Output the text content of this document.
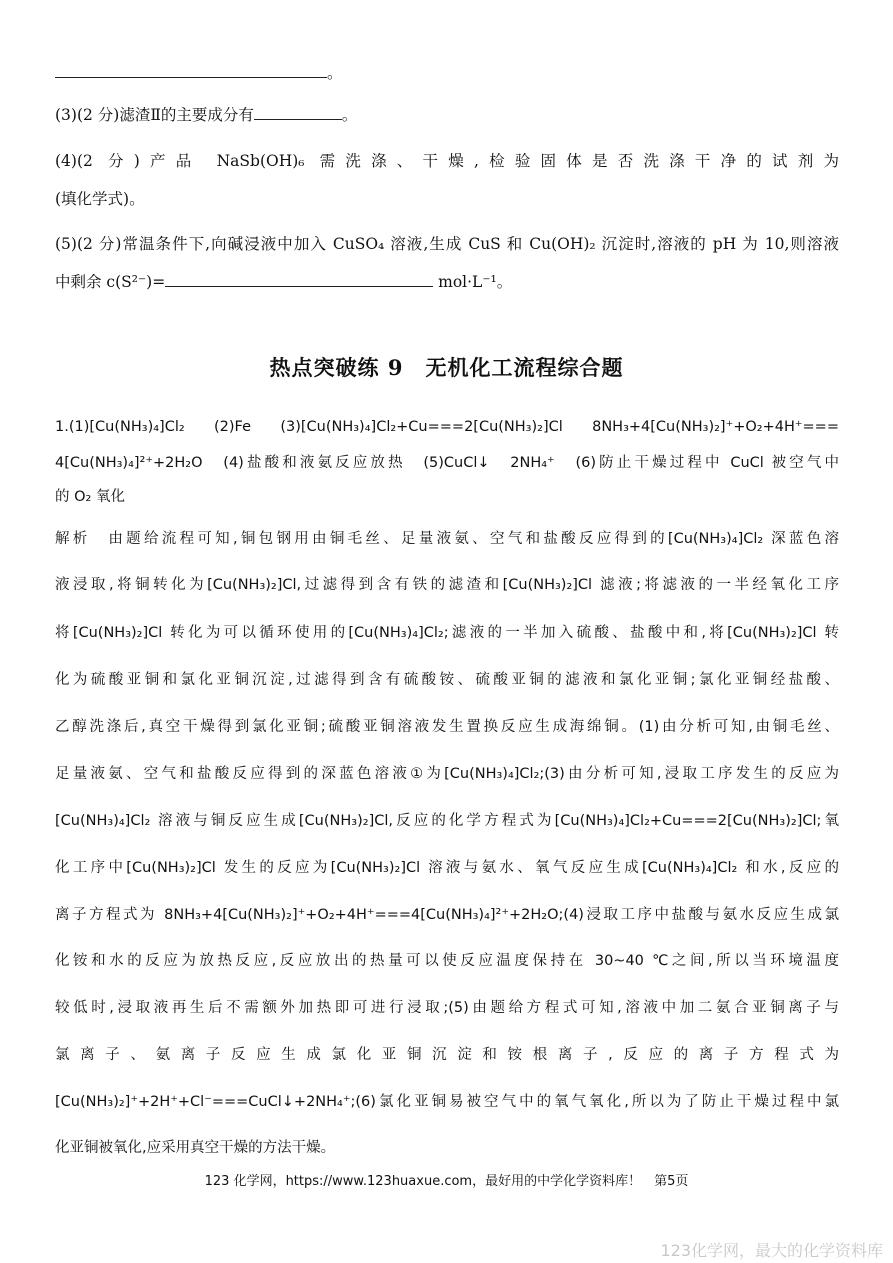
。
(3)(2 分)滤渣Ⅱ的主要成分有	。
(4)(2 分)产品 NaSb(OH)₆ 需洗涤、干燥,检验固体是否洗涤干净的试剂为
(填化学式)。
(5)(2 分)常温条件下,向碱浸液中加入 CuSO₄ 溶液,生成 CuS 和 Cu(OH)₂ 沉淀时,溶液的 pH 为 10,则溶液
中剩余 c(S²⁻)=	mol·L⁻¹。
热点突破练 9　无机化工流程综合题
1.(1)[Cu(NH₃)₄]Cl₂　　(2)Fe　　(3)[Cu(NH₃)₄]Cl₂+Cu===2[Cu(NH₃)₂]Cl　　8NH₃+4[Cu(NH₃)₂]⁺+O₂+4H⁺===
4[Cu(NH₃)₄]²⁺+2H₂O　(4)盐酸和液氨反应放热　(5)CuCl↓　2NH₄⁺　(6)防止干燥过程中 CuCl 被空气中
的 O₂ 氧化
解析　由题给流程可知,铜包钢用由铜毛丝、足量液氨、空气和盐酸反应得到的[Cu(NH₃)₄]Cl₂ 深蓝色溶
液浸取,将铜转化为[Cu(NH₃)₂]Cl,过滤得到含有铁的滤渣和[Cu(NH₃)₂]Cl 滤液;将滤液的一半经氧化工序
将[Cu(NH₃)₂]Cl 转化为可以循环使用的[Cu(NH₃)₄]Cl₂;滤液的一半加入硫酸、盐酸中和,将[Cu(NH₃)₂]Cl 转
化为硫酸亚铜和氯化亚铜沉淀,过滤得到含有硫酸铵、硫酸亚铜的滤液和氯化亚铜;氯化亚铜经盐酸、
乙醇洗涤后,真空干燥得到氯化亚铜;硫酸亚铜溶液发生置换反应生成海绵铜。(1)由分析可知,由铜毛丝、
足量液氨、空气和盐酸反应得到的深蓝色溶液①为[Cu(NH₃)₄]Cl₂;(3)由分析可知,浸取工序发生的反应为
[Cu(NH₃)₄]Cl₂ 溶液与铜反应生成[Cu(NH₃)₂]Cl,反应的化学方程式为[Cu(NH₃)₄]Cl₂+Cu===2[Cu(NH₃)₂]Cl;氧
化工序中[Cu(NH₃)₂]Cl 发生的反应为[Cu(NH₃)₂]Cl 溶液与氨水、氧气反应生成[Cu(NH₃)₄]Cl₂ 和水,反应的
离子方程式为 8NH₃+4[Cu(NH₃)₂]⁺+O₂+4H⁺===4[Cu(NH₃)₄]²⁺+2H₂O;(4)浸取工序中盐酸与氨水反应生成氯
化铵和水的反应为放热反应,反应放出的热量可以使反应温度保持在 30~40 ℃之间,所以当环境温度
较低时,浸取液再生后不需额外加热即可进行浸取;(5)由题给方程式可知,溶液中加二氨合亚铜离子与
氯离子、氨离子反应生成氯化亚铜沉淀和铵根离子,反应的离子方程式为
[Cu(NH₃)₂]⁺+2H⁺+Cl⁻===CuCl↓+2NH₄⁺;(6)氯化亚铜易被空气中的氧气氧化,所以为了防止干燥过程中氯
化亚铜被氧化,应采用真空干燥的方法干燥。
123 化学网，https://www.123huaxue.com，最好用的中学化学资料库！　第5页
123化学网，最大的化学资料库
